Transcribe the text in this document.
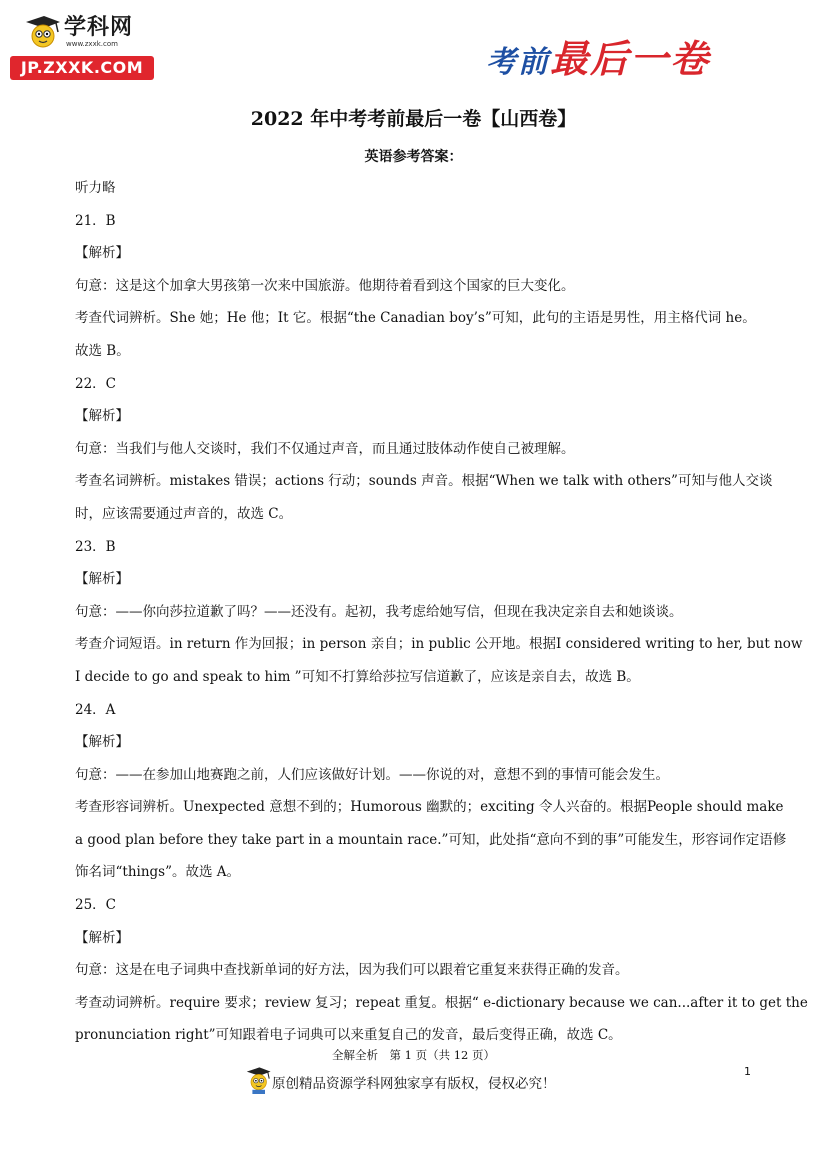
学科网
www.zxxk.com
JP.ZXXK.COM	考前最后一卷
2022 年中考考前最后一卷【山西卷】
英语参考答案：
听力略
21．B
【解析】
句意：这是这个加拿大男孩第一次来中国旅游。他期待着看到这个国家的巨大变化。
考查代词辨析。She 她；He 他；It 它。根据“the Canadian boy’s”可知，此句的主语是男性，用主格代词 he。
故选 B。
22．C
【解析】
句意：当我们与他人交谈时，我们不仅通过声音，而且通过肢体动作使自己被理解。
考查名词辨析。mistakes 错误；actions 行动；sounds 声音。根据“When we talk with others”可知与他人交谈
时，应该需要通过声音的，故选 C。
23．B
【解析】
句意：——你向莎拉道歉了吗？——还没有。起初，我考虑给她写信，但现在我决定亲自去和她谈谈。
考查介词短语。in return 作为回报；in person 亲自；in public 公开地。根据I considered writing to her, but now
I decide to go and speak to him ”可知不打算给莎拉写信道歉了，应该是亲自去，故选 B。
24．A
【解析】
句意：——在参加山地赛跑之前，人们应该做好计划。——你说的对，意想不到的事情可能会发生。
考查形容词辨析。Unexpected 意想不到的；Humorous 幽默的；exciting 令人兴奋的。根据People should make
a good plan before they take part in a mountain race.”可知，此处指“意向不到的事”可能发生，形容词作定语修
饰名词“things”。故选 A。
25．C
【解析】
句意：这是在电子词典中查找新单词的好方法，因为我们可以跟着它重复来获得正确的发音。
考查动词辨析。require 要求；review 复习；repeat 重复。根据“ e-dictionary because we can...after it to get the
pronunciation right”可知跟着电子词典可以来重复自己的发音，最后变得正确，故选 C。
全解全析　第 1 页（共 12 页）
1
原创精品资源学科网独家享有版权，侵权必究！
